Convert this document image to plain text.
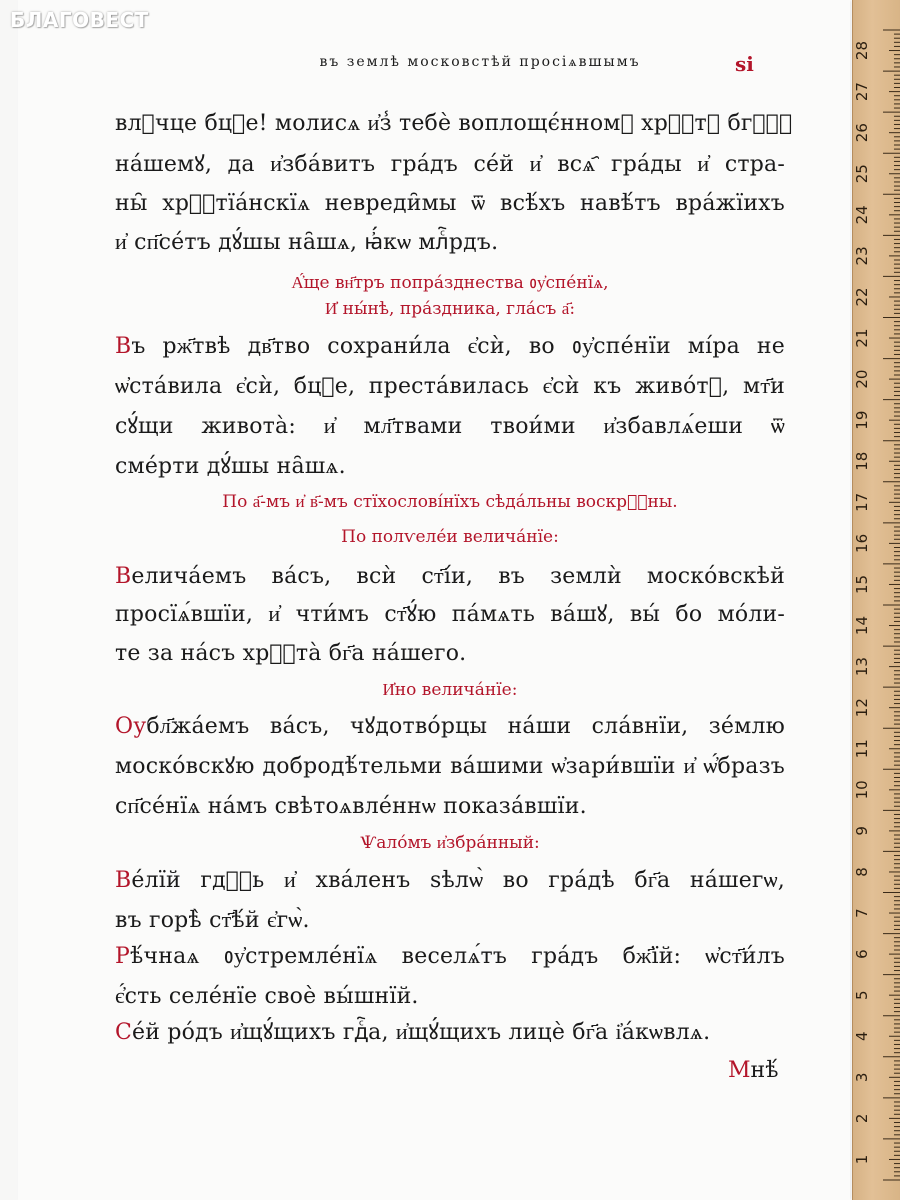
БЛАГОВЕСТ
въ землѣ московстѣй просіѧвшымъ	ѕі
влⷣчце бцⷣе! молисѧ и҆з̾ тебѐ воплощє́нномꙋ хрⷭ҇тꙋ бгⷹ҇ꙋ
на́шемꙋ, да и҆зба́витъ гра́дъ се́й и҆ всѧ҄ гра́ды и҆ стра-
ны̑ хрⷭ҇тїа́нскїѧ невреди̑мы ѿ всѣ́хъ навѣ́тъ вра́жїихъ
и҆ сп҃се́тъ дꙋ́шы на̑шѧ, ꙗ҆́кѡ млⷭ҇рдъ.
А҆́ще вн҃тръ попра́зднества ᲂу҆спе́нїѧ,
И҆ ны́нѣ, пра́здника, гла́съ а҃:
Въ рж҃твѣ дв҃тво сохрани́ла є҆сѝ, во ᲂу҆спе́нїи мі́ра не
ѡ҆ста́вила є҆сѝ, бцⷣе, преста́вилась є҆сѝ къ живо́тꙋ, мт҃и
сꙋ́щи живота̀: и҆ мл҃твами твои́ми и҆збавлѧ́еши ѿ
сме́рти дꙋ́шы на̑шѧ.
По а҃-мъ и҆ в҃-мъ стїхослові́нїхъ сѣда́льны воскрⷭ҇ны.
По полѵеле́и велича́нїе:
Велича́емъ ва́съ, всѝ ст҃і́и, въ землѝ моско́вскѣй
просїѧ́вшїи, и҆ чти́мъ ст҃ꙋ́ю па́мѧть ва́шꙋ, вы́ бо мо́ли-
те за на́съ хрⷭ҇та̀ бг҃а на́шего.
И҆но велича́нїе:
Оубл҃жа́емъ ва́съ, чꙋдотво́рцы на́ши сла́внїи, зе́млю
моско́вскꙋю добродѣ́тельми ва́шими ѡ҆зари́вшїи и҆ ѡ҆́бразъ
сп҃се́нїѧ на́мъ свѣтоѧвле́ннѡ показа́вшїи.
Ѱало́мъ и҆збра́нный:
Ве́лїй гдⷭ҇ь и҆ хва́ленъ ѕѣлѡ̀ во гра́дѣ бг҃а на́шегѡ,
въ горѣ̀ ст҃ѣ́й є҆гѡ̀.
Рѣ́чнаѧ ᲂу҆стремле́нїѧ веселѧ́тъ гра́дъ бж҃їй: ѡ҆ст҃и́лъ
є҆́сть селе́нїе своѐ вы́шнїй.
Се́й ро́дъ и҆щꙋ́щихъ гдⷭ҇а, и҆щꙋ́щихъ лицѐ бг҃а і҆а́кѡвлѧ.
Мнѣ́
28
27
26
25
24
23
22
21
20
19
18
17
16
15
14
13
12
11
10
9
8
7
6
5
4
3
2
1
